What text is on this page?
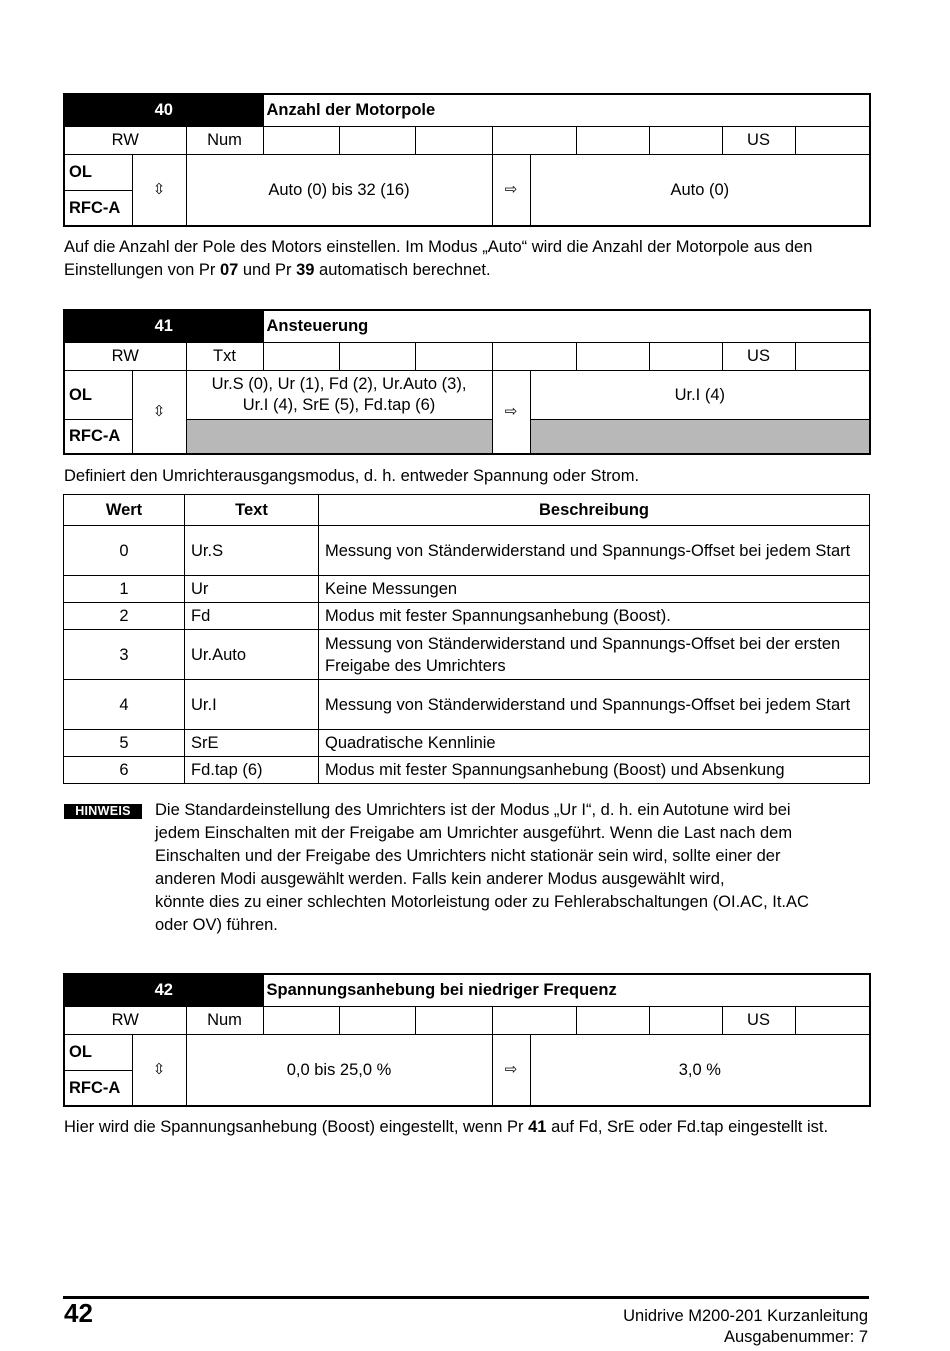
40			Anzahl der Motorpole								
RW		Num								US	
OL	⇳	Auto (0) bis 32 (16)				⇨	Auto (0)				
RFC-A											

Auf die Anzahl der Pole des Motors einstellen. Im Modus „Auto“ wird die Anzahl der Motorpole aus den Einstellungen von Pr 07 und Pr 39 automatisch berechnet.

41			Ansteuerung								
RW		Txt								US	
OL	⇳	Ur.S (0), Ur (1), Fd (2), Ur.Auto (3),
Ur.I (4), SrE (5), Fd.tap (6)				⇨	Ur.I (4)				
RFC-A											

Definiert den Umrichterausgangsmodus, d. h. entweder Spannung oder Strom.

Wert	Text	Beschreibung
0	Ur.S	Messung von Ständerwiderstand und Spannungs-Offset bei jedem Start
1	Ur	Keine Messungen
2	Fd	Modus mit fester Spannungsanhebung (Boost).
3	Ur.Auto	Messung von Ständerwiderstand und Spannungs-Offset bei der ersten Freigabe des Umrichters
4	Ur.I	Messung von Ständerwiderstand und Spannungs-Offset bei jedem Start
5	SrE	Quadratische Kennlinie
6	Fd.tap (6)	Modus mit fester Spannungsanhebung (Boost) und Absenkung
HINWEIS	Die Standardeinstellung des Umrichters ist der Modus „Ur I“, d. h. ein Autotune wird bei
jedem Einschalten mit der Freigabe am Umrichter ausgeführt. Wenn die Last nach dem
Einschalten und der Freigabe des Umrichters nicht stationär sein wird, sollte einer der
anderen Modi ausgewählt werden. Falls kein anderer Modus ausgewählt wird,
könnte dies zu einer schlechten Motorleistung oder zu Fehlerabschaltungen (OI.AC, It.AC
oder OV) führen.
42			Spannungsanhebung bei niedriger Frequenz								
RW		Num								US	
OL	⇳	0,0 bis 25,0 %				⇨	3,0 %				
RFC-A											

Hier wird die Spannungsanhebung (Boost) eingestellt, wenn Pr 41 auf Fd, SrE oder Fd.tap eingestellt ist.

42	Unidrive M200-201 Kurzanleitung
Ausgabenummer: 7
